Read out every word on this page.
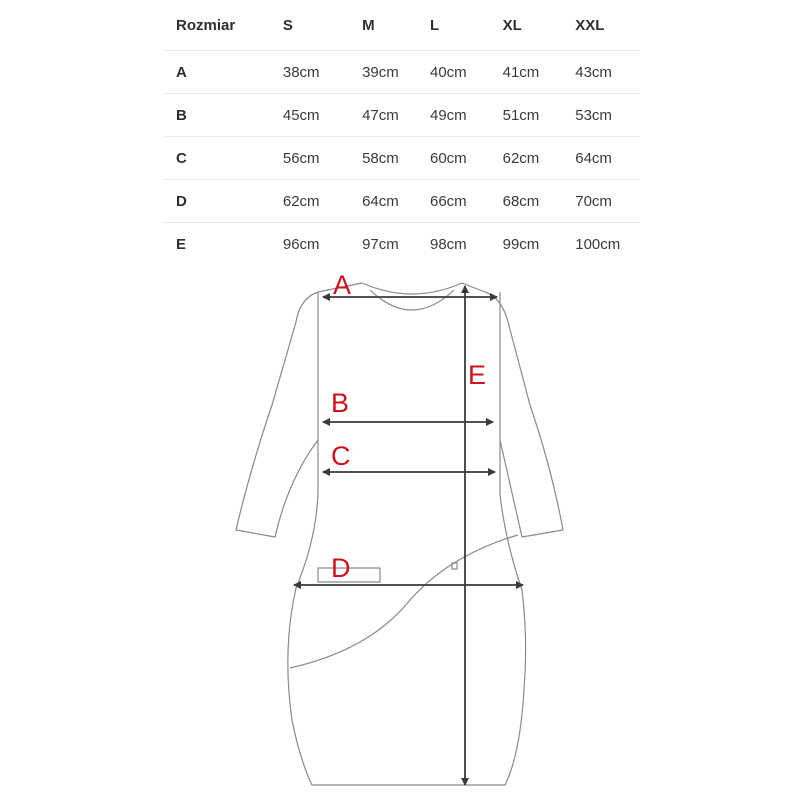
Rozmiar	S	M	L	XL	XXL
A	38cm	39cm	40cm	41cm	43cm
B	45cm	47cm	49cm	51cm	53cm
C	56cm	58cm	60cm	62cm	64cm
D	62cm	64cm	66cm	68cm	70cm
E	96cm	97cm	98cm	99cm	100cm
A
B
C
D
E
